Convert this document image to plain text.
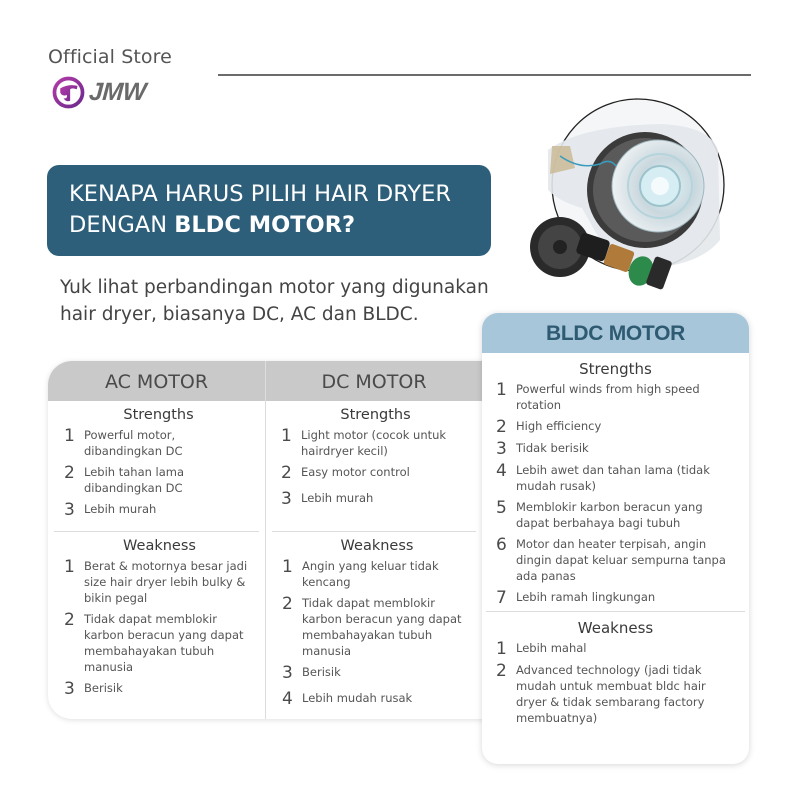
Official Store
JMW
KENAPA HARUS PILIH HAIR DRYER
DENGAN BLDC MOTOR?
Yuk lihat perbandingan motor yang digunakan
hair dryer, biasanya DC, AC dan BLDC.
AC MOTOR	DC MOTOR
Strengths
1 Powerful motor, dibandingkan DC
2 Lebih tahan lama dibandingkan DC
3 Lebih murah
Weakness
1 Berat & motornya besar jadi size hair dryer lebih bulky & bikin pegal
2 Tidak dapat memblokir karbon beracun yang dapat membahayakan tubuh manusia
3 Berisik
Strengths
1 Light motor (cocok untuk hairdryer kecil)
2 Easy motor control
3 Lebih murah
Weakness
1 Angin yang keluar tidak kencang
2 Tidak dapat memblokir karbon beracun yang dapat membahayakan tubuh manusia
3 Berisik
4 Lebih mudah rusak
BLDC MOTOR
Strengths
1 Powerful winds from high speed rotation
2 High efficiency
3 Tidak berisik
4 Lebih awet dan tahan lama (tidak mudah rusak)
5 Memblokir karbon beracun yang dapat berbahaya bagi tubuh
6 Motor dan heater terpisah, angin dingin dapat keluar sempurna tanpa ada panas
7 Lebih ramah lingkungan
Weakness
1 Lebih mahal
2 Advanced technology (jadi tidak mudah untuk membuat bldc hair dryer & tidak sembarang factory membuatnya)
